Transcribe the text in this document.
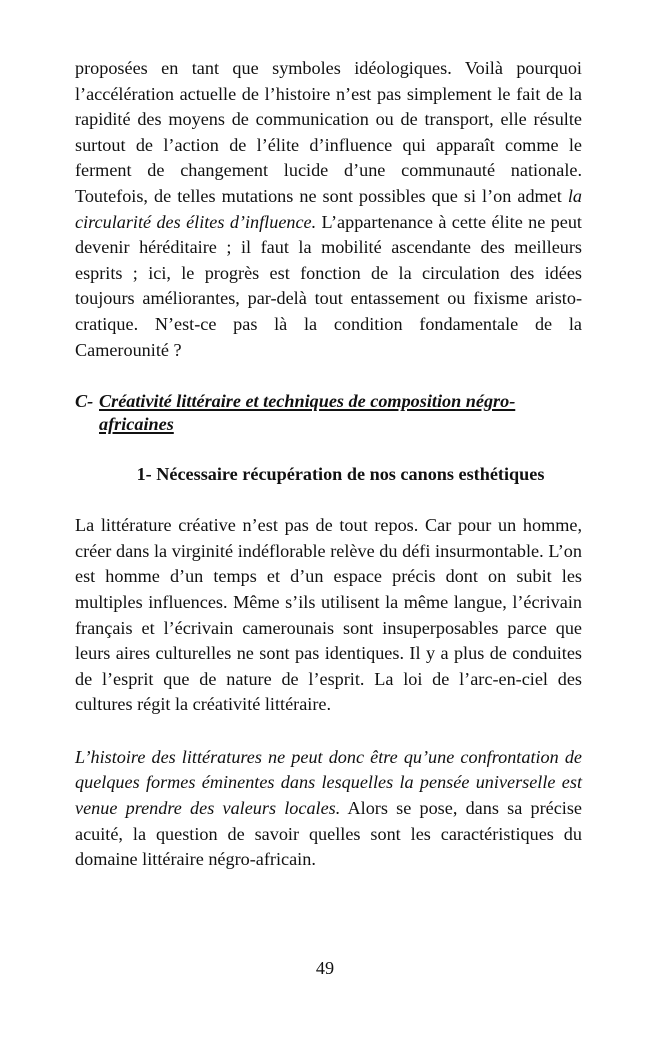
proposées en tant que symboles idéologiques. Voilà pourquoi l’accélération actuelle de l’histoire n’est pas simplement le fait de la rapidité des moyens de communication ou de transport, elle résulte surtout de l’action de l’élite d’influence qui apparaît comme le ferment de changement lucide d’une communauté nationale. Toutefois, de telles mutations ne sont possibles que si l’on admet la circularité des élites d’influence. L’appartenance à cette élite ne peut devenir héréditaire ; il faut la mobilité ascendante des meilleurs esprits ; ici, le progrès est fonction de la circulation des idées toujours améliorantes, par-delà tout entassement ou fixisme aristocratique. N’est-ce pas là la condition fondamentale de la Camerounité ?

C- Créativité littéraire et techniques de composition négro-africaines
1- Nécessaire récupération de nos canons esthétiques

La littérature créative n’est pas de tout repos. Car pour un homme, créer dans la virginité indéflorable relève du défi insurmontable. L’on est homme d’un temps et d’un espace précis dont on subit les multiples influences. Même s’ils utilisent la même langue, l’écrivain français et l’écrivain camerounais sont insuperposables parce que leurs aires culturelles ne sont pas identiques. Il y a plus de conduites de l’esprit que de nature de l’esprit. La loi de l’arc-en-ciel des cultures régit la créativité littéraire.

L’histoire des littératures ne peut donc être qu’une confrontation de quelques formes éminentes dans lesquelles la pensée universelle est venue prendre des valeurs locales. Alors se pose, dans sa précise acuité, la question de savoir quelles sont les caractéristiques du domaine littéraire négro-africain.

49
